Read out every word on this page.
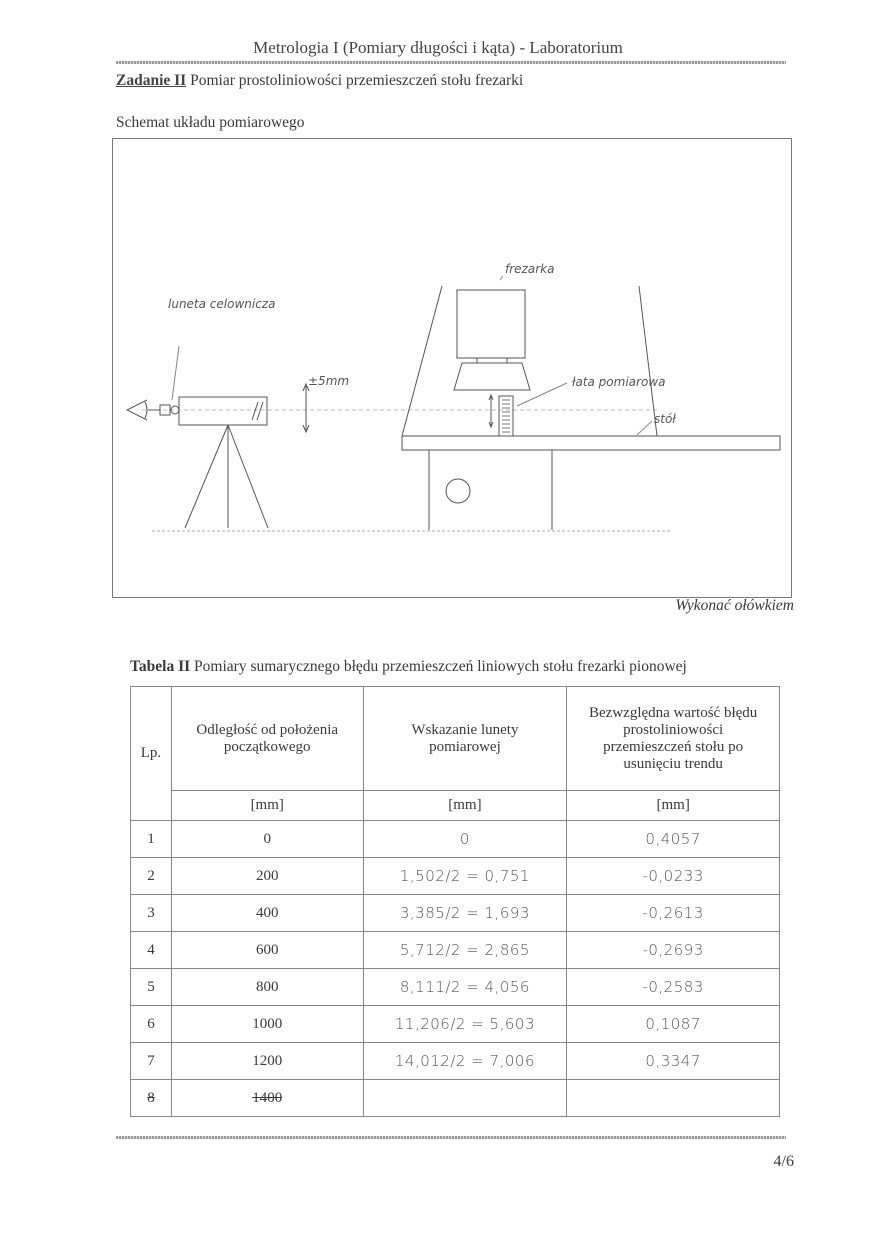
Metrologia I (Pomiary długości i kąta) - Laboratorium
Zadanie II Pomiar prostoliniowości przemieszczeń stołu frezarki
Schemat układu pomiarowego
luneta celownicza
±5mm
frezarka
łata pomiarowa
stół
Wykonać ołówkiem
Tabela II Pomiary sumarycznego błędu przemieszczeń liniowych stołu frezarki pionowej
Lp.	Odległość od położenia początkowego	Wskazanie lunety pomiarowej	Bezwzględna wartość błędu prostoliniowości przemieszczeń stołu po usunięciu trendu
	[mm]	[mm]	[mm]
1	0	0	0,4057
2	200	1,502/2 = 0,751	-0,0233
3	400	3,385/2 = 1,693	-0,2613
4	600	5,712/2 = 2,865	-0,2693
5	800	8,111/2 = 4,056	-0,2583
6	1000	11,206/2 = 5,603	0,1087
7	1200	14,012/2 = 7,006	0,3347
8	1400		
4/6
